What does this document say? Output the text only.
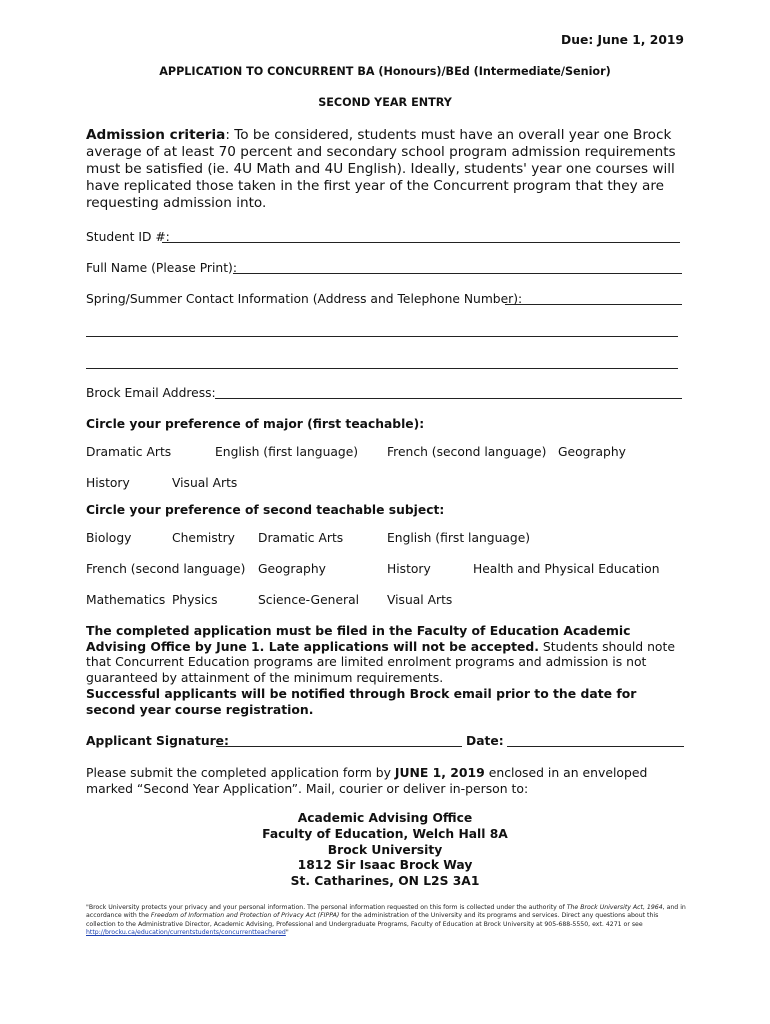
Due: June 1, 2019
APPLICATION TO CONCURRENT BA (Honours)/BEd (Intermediate/Senior)
SECOND YEAR ENTRY
Admission criteria: To be considered, students must have an overall year one Brock average of at least 70 percent and secondary school program admission requirements must be satisfied (ie. 4U Math and 4U English). Ideally, students' year one courses will have replicated those taken in the first year of the Concurrent program that they are requesting admission into.
Student ID #:
Full Name (Please Print):
Spring/Summer Contact Information (Address and Telephone Number):
Brock Email Address:
Circle your preference of major (first teachable):
Dramatic Arts	English (first language) French (second language) Geography
History	Visual Arts
Circle your preference of second teachable subject:
Biology	Chemistry Dramatic Arts	English (first language)
French (second language) Geography	History	Health and Physical Education
Mathematics Physics	Science-General Visual Arts
The completed application must be filed in the Faculty of Education Academic Advising Office by June 1. Late applications will not be accepted. Students should note that Concurrent Education programs are limited enrolment programs and admission is not guaranteed by attainment of the minimum requirements.
Successful applicants will be notified through Brock email prior to the date for second year course registration.
Applicant Signature:	Date:
Please submit the completed application form by JUNE 1, 2019 enclosed in an enveloped marked “Second Year Application”. Mail, courier or deliver in-person to:
Academic Advising Office
Faculty of Education, Welch Hall 8A
Brock University
1812 Sir Isaac Brock Way
St. Catharines, ON L2S 3A1
"Brock University protects your privacy and your personal information. The personal information requested on this form is collected under the authority of The Brock University Act, 1964, and in accordance with the Freedom of Information and Protection of Privacy Act (FIPPA) for the administration of the University and its programs and services. Direct any questions about this collection to the Administrative Director, Academic Advising, Professional and Undergraduate Programs, Faculty of Education at Brock University at 905-688-5550, ext. 4271 or see http://brocku.ca/education/currentstudents/concurrentteachered"
